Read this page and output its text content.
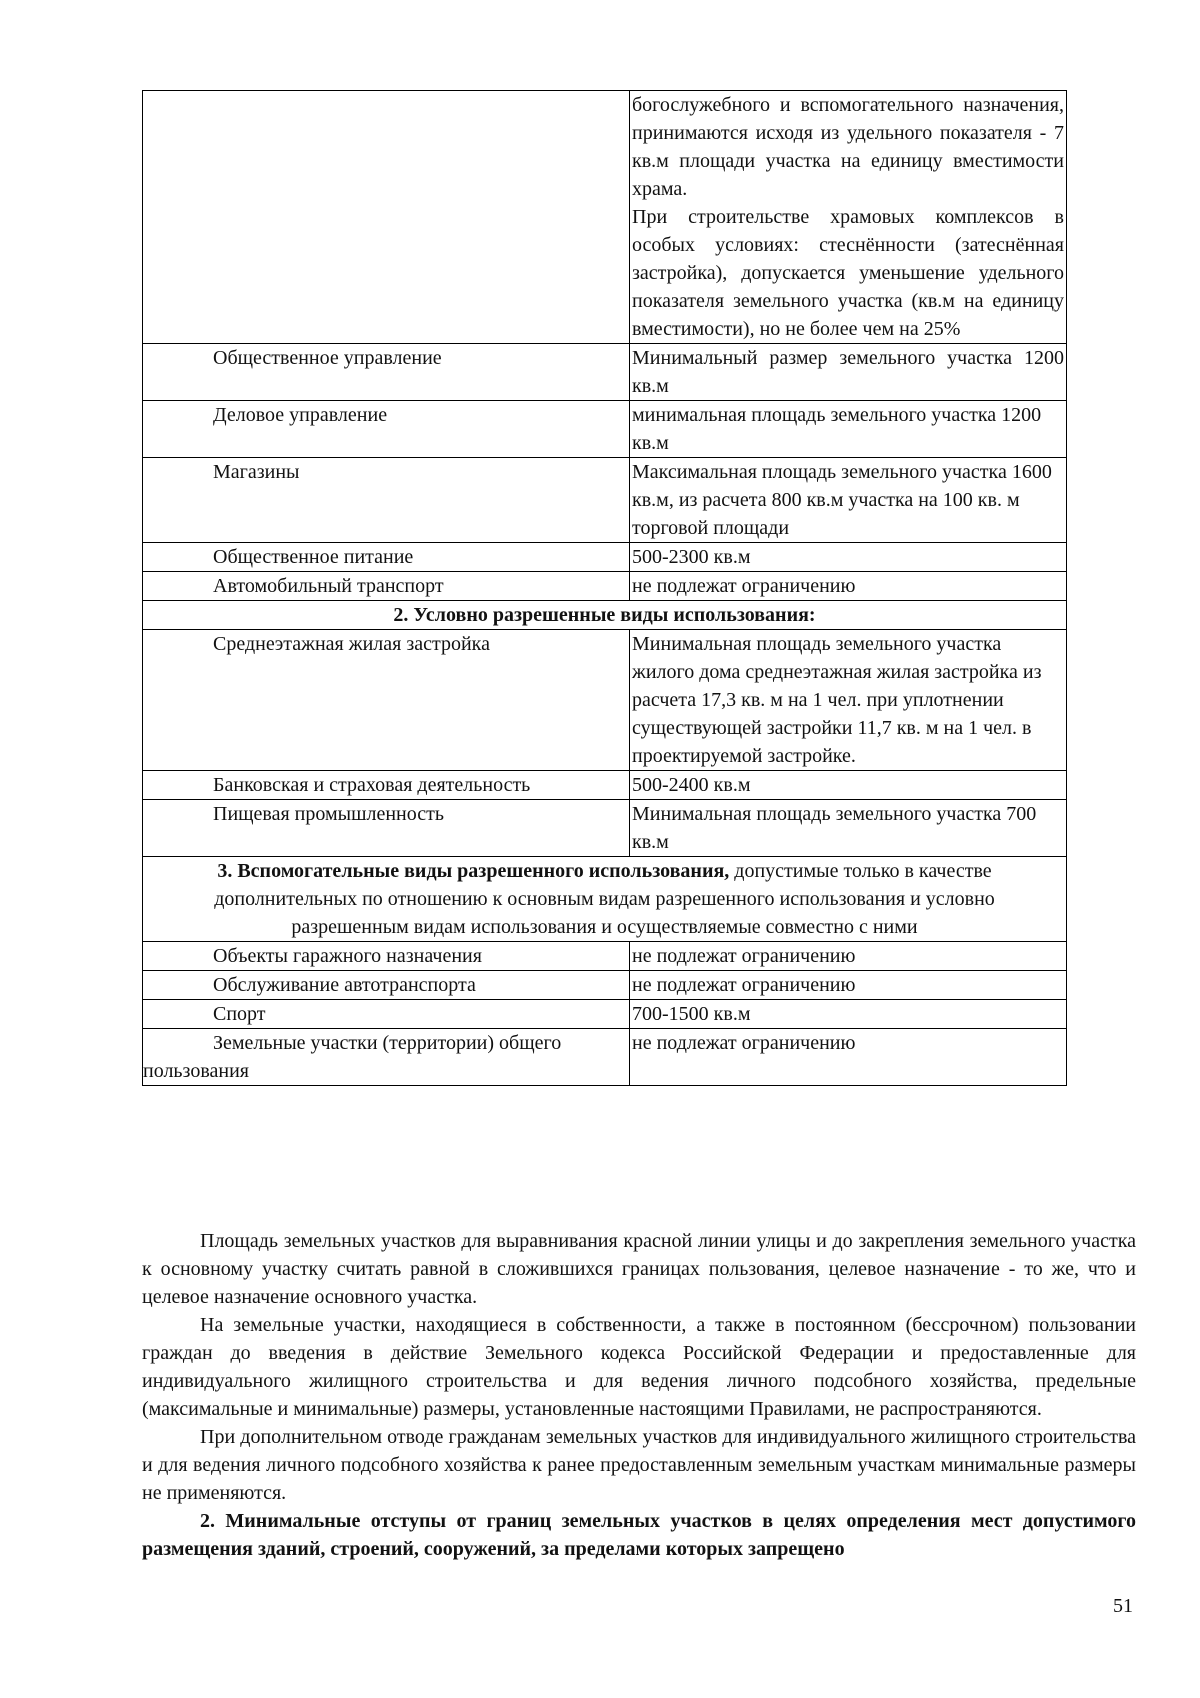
	богослужебного и вспомогательного назначения, принимаются исходя из удельного показателя - 7 кв.м площади участка на единицу вместимости храма.
При строительстве храмовых комплексов в особых условиях: стеснённости (затеснённая застройка), допускается уменьшение удельного показателя земельного участка (кв.м на единицу вместимости), но не более чем на 25%

Общественное управление	Минимальный размер земельного участка 1200 кв.м
Деловое управление	минимальная площадь земельного участка 1200 кв.м
Магазины	Максимальная площадь земельного участка 1600 кв.м, из расчета 800 кв.м участка на 100 кв. м торговой площади
Общественное питание	500-2300 кв.м
Автомобильный транспорт	не подлежат ограничению
2. Условно разрешенные виды использования:	
Среднеэтажная жилая застройка	Минимальная площадь земельного участка жилого дома среднеэтажная жилая застройка из расчета 17,3 кв. м на 1 чел. при уплотнении существующей застройки 11,7 кв. м на 1 чел. в проектируемой застройке.
Банковская и страховая деятельность	500-2400 кв.м
Пищевая промышленность	Минимальная площадь земельного участка 700 кв.м
3. Вспомогательные виды разрешенного использования, допустимые только в качестве дополнительных по отношению к основным видам разрешенного использования и условно разрешенным видам использования и осуществляемые совместно с ними	
Объекты гаражного назначения	не подлежат ограничению
Обслуживание автотранспорта	не подлежат ограничению
Спорт	700-1500 кв.м
Земельные участки (территории) общего пользования	не подлежат ограничению

Площадь земельных участков для выравнивания красной линии улицы и до закрепления земельного участка к основному участку считать равной в сложившихся границах пользования, целевое назначение - то же, что и целевое назначение основного участка.

На земельные участки, находящиеся в собственности, а также в постоянном (бессрочном) пользовании граждан до введения в действие Земельного кодекса Российской Федерации и предоставленные для индивидуального жилищного строительства и для ведения личного подсобного хозяйства, предельные (максимальные и минимальные) размеры, установленные настоящими Правилами, не распространяются.

При дополнительном отводе гражданам земельных участков для индивидуального жилищного строительства и для ведения личного подсобного хозяйства к ранее предоставленным земельным участкам минимальные размеры не применяются.

2. Минимальные отступы от границ земельных участков в целях определения мест допустимого размещения зданий, строений, сооружений, за пределами которых запрещено

51
